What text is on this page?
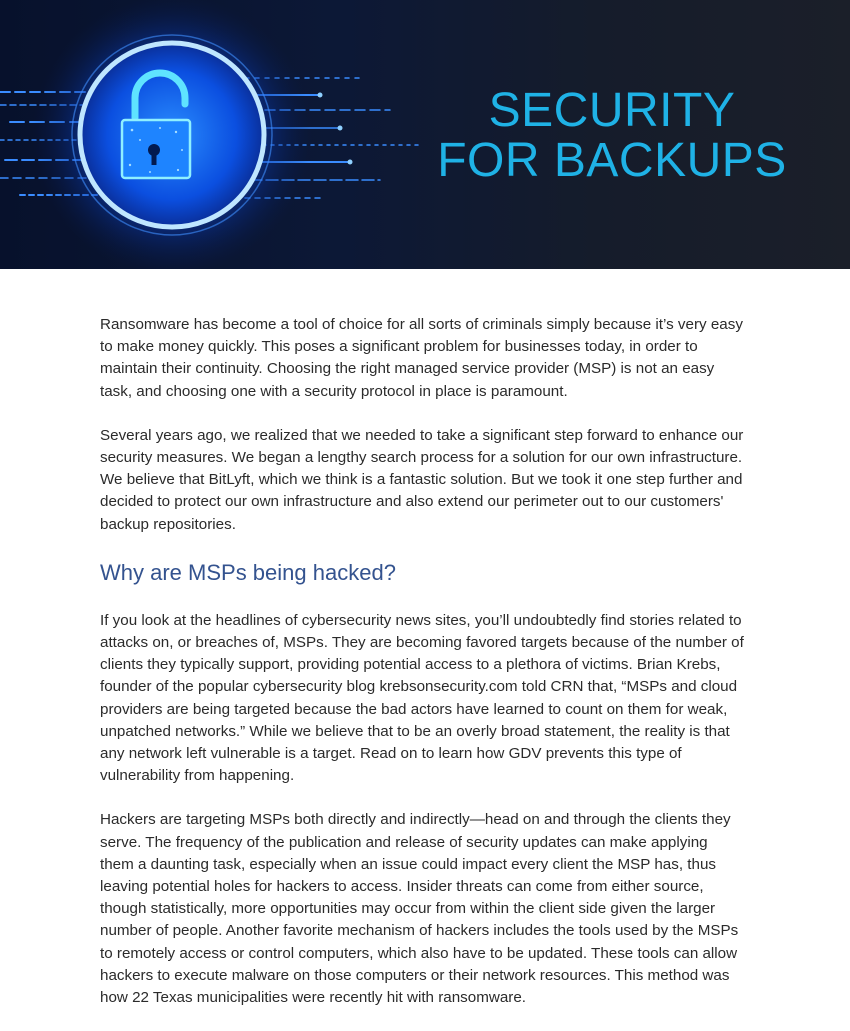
SECURITY
FOR BACKUPS

Ransomware has become a tool of choice for all sorts of criminals simply because it’s very easy to make money quickly. This poses a significant problem for businesses today, in order to maintain their continuity. Choosing the right managed service provider (MSP) is not an easy task, and choosing one with a security protocol in place is paramount.

Several years ago, we realized that we needed to take a significant step forward to enhance our security measures. We began a lengthy search process for a solution for our own infrastructure. We believe that BitLyft, which we think is a fantastic solution. But we took it one step further and decided to protect our own infrastructure and also extend our perimeter out to our customers' backup repositories.

Why are MSPs being hacked?

If you look at the headlines of cybersecurity news sites, you’ll undoubtedly find stories related to attacks on, or breaches of, MSPs. They are becoming favored targets because of the number of clients they typically support, providing potential access to a plethora of victims. Brian Krebs, founder of the popular cybersecurity blog krebsonsecurity.com told CRN that, “MSPs and cloud providers are being targeted because the bad actors have learned to count on them for weak, unpatched networks.” While we believe that to be an overly broad statement, the reality is that any network left vulnerable is a target. Read on to learn how GDV prevents this type of vulnerability from happening.

Hackers are targeting MSPs both directly and indirectly—head on and through the clients they serve. The frequency of the publication and release of security updates can make applying them a daunting task, especially when an issue could impact every client the MSP has, thus leaving potential holes for hackers to access. Insider threats can come from either source, though statistically, more opportunities may occur from within the client side given the larger number of people. Another favorite mechanism of hackers includes the tools used by the MSPs to remotely access or control computers, which also have to be updated. These tools can allow hackers to execute malware on those computers or their network resources. This method was how 22 Texas municipalities were recently hit with ransomware.
